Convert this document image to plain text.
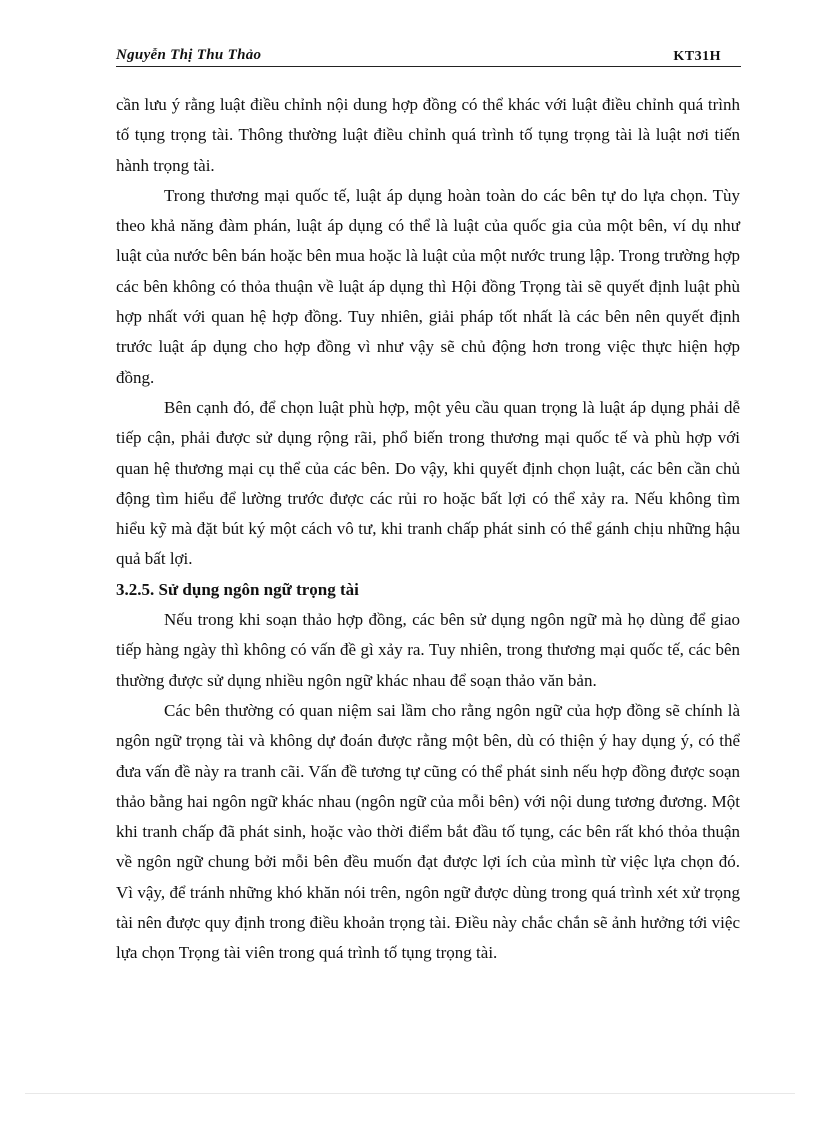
Nguyễn Thị Thu Thảo	KT31H

cần lưu ý rằng luật điều chỉnh nội dung hợp đồng có thể khác với luật điều chỉnh quá trình tố tụng trọng tài. Thông thường luật điều chỉnh quá trình tố tụng trọng tài là luật nơi tiến hành trọng tài.

Trong thương mại quốc tế, luật áp dụng hoàn toàn do các bên tự do lựa chọn. Tùy theo khả năng đàm phán, luật áp dụng có thể là luật của quốc gia của một bên, ví dụ như luật của nước bên bán hoặc bên mua hoặc là luật của một nước trung lập. Trong trường hợp các bên không có thỏa thuận về luật áp dụng thì Hội đồng Trọng tài sẽ quyết định luật phù hợp nhất với quan hệ hợp đồng. Tuy nhiên, giải pháp tốt nhất là các bên nên quyết định trước luật áp dụng cho hợp đồng vì như vậy sẽ chủ động hơn trong việc thực hiện hợp đồng.

Bên cạnh đó, để chọn luật phù hợp, một yêu cầu quan trọng là luật áp dụng phải dễ tiếp cận, phải được sử dụng rộng rãi, phổ biến trong thương mại quốc tế và phù hợp với quan hệ thương mại cụ thể của các bên. Do vậy, khi quyết định chọn luật, các bên cần chủ động tìm hiểu để lường trước được các rủi ro hoặc bất lợi có thể xảy ra. Nếu không tìm hiểu kỹ mà đặt bút ký một cách vô tư, khi tranh chấp phát sinh có thể gánh chịu những hậu quả bất lợi.

3.2.5. Sử dụng ngôn ngữ trọng tài

Nếu trong khi soạn thảo hợp đồng, các bên sử dụng ngôn ngữ mà họ dùng để giao tiếp hàng ngày thì không có vấn đề gì xảy ra. Tuy nhiên, trong thương mại quốc tế, các bên thường được sử dụng nhiều ngôn ngữ khác nhau để soạn thảo văn bản.

Các bên thường có quan niệm sai lầm cho rằng ngôn ngữ của hợp đồng sẽ chính là ngôn ngữ trọng tài và không dự đoán được rằng một bên, dù có thiện ý hay dụng ý, có thể đưa vấn đề này ra tranh cãi. Vấn đề tương tự cũng có thể phát sinh nếu hợp đồng được soạn thảo bằng hai ngôn ngữ khác nhau (ngôn ngữ của mỗi bên) với nội dung tương đương. Một khi tranh chấp đã phát sinh, hoặc vào thời điểm bắt đầu tố tụng, các bên rất khó thỏa thuận về ngôn ngữ chung bởi mỗi bên đều muốn đạt được lợi ích của mình từ việc lựa chọn đó. Vì vậy, để tránh những khó khăn nói trên, ngôn ngữ được dùng trong quá trình xét xử trọng tài nên được quy định trong điều khoản trọng tài. Điều này chắc chắn sẽ ảnh hưởng tới việc lựa chọn Trọng tài viên trong quá trình tố tụng trọng tài.
